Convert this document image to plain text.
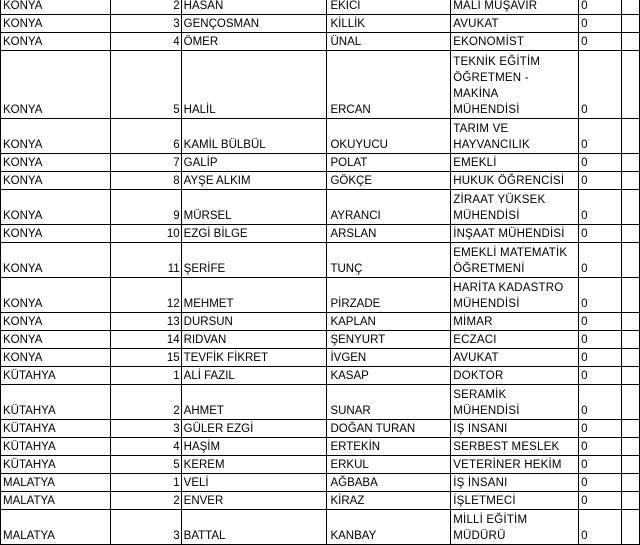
KONYA	2	HASAN	EKİCİ	MALİ MÜŞAVİR	0	
KONYA	3	GENÇOSMAN	KİLLİK	AVUKAT	0	
KONYA	4	ÖMER	ÜNAL	EKONOMİST	0	
KONYA	5	HALİL	ERCAN	TEKNİK EĞİTİM
ÖĞRETMEN - MAKİNA
MÜHENDİSİ	0	
KONYA	6	KAMİL BÜLBÜL	OKUYUCU	TARIM VE
HAYVANCILIK	0	
KONYA	7	GALİP	POLAT	EMEKLİ	0	
KONYA	8	AYŞE ALKIM	GÖKÇE	HUKUK ÖĞRENCİSİ	0	
KONYA	9	MÜRSEL	AYRANCI	ZİRAAT YÜKSEK
MÜHENDİSİ	0	
KONYA	10	EZGİ BİLGE	ARSLAN	İNŞAAT MÜHENDİSİ	0	
KONYA	11	ŞERİFE	TUNÇ	EMEKLİ MATEMATİK
ÖĞRETMENİ	0	
KONYA	12	MEHMET	PİRZADE	HARİTA KADASTRO
MÜHENDİSİ	0	
KONYA	13	DURSUN	KAPLAN	MİMAR	0	
KONYA	14	RIDVAN	ŞENYURT	ECZACI	0	
KONYA	15	TEVFİK FİKRET	İVGEN	AVUKAT	0	
KÜTAHYA	1	ALİ FAZIL	KASAP	DOKTOR	0	
KÜTAHYA	2	AHMET	SUNAR	SERAMİK MÜHENDİSİ	0	
KÜTAHYA	3	GÜLER EZGİ	DOĞAN TURAN	IŞ INSANI	0	
KÜTAHYA	4	HAŞİM	ERTEKİN	SERBEST MESLEK	0	
KÜTAHYA	5	KEREM	ERKUL	VETERİNER HEKİM	0	
MALATYA	1	VELİ	AĞBABA	İŞ İNSANI	0	
MALATYA	2	ENVER	KİRAZ	İŞLETMECİ	0	
MALATYA	3	BATTAL	KANBAY	MİLLİ EĞİTİM
MÜDÜRÜ	0	
